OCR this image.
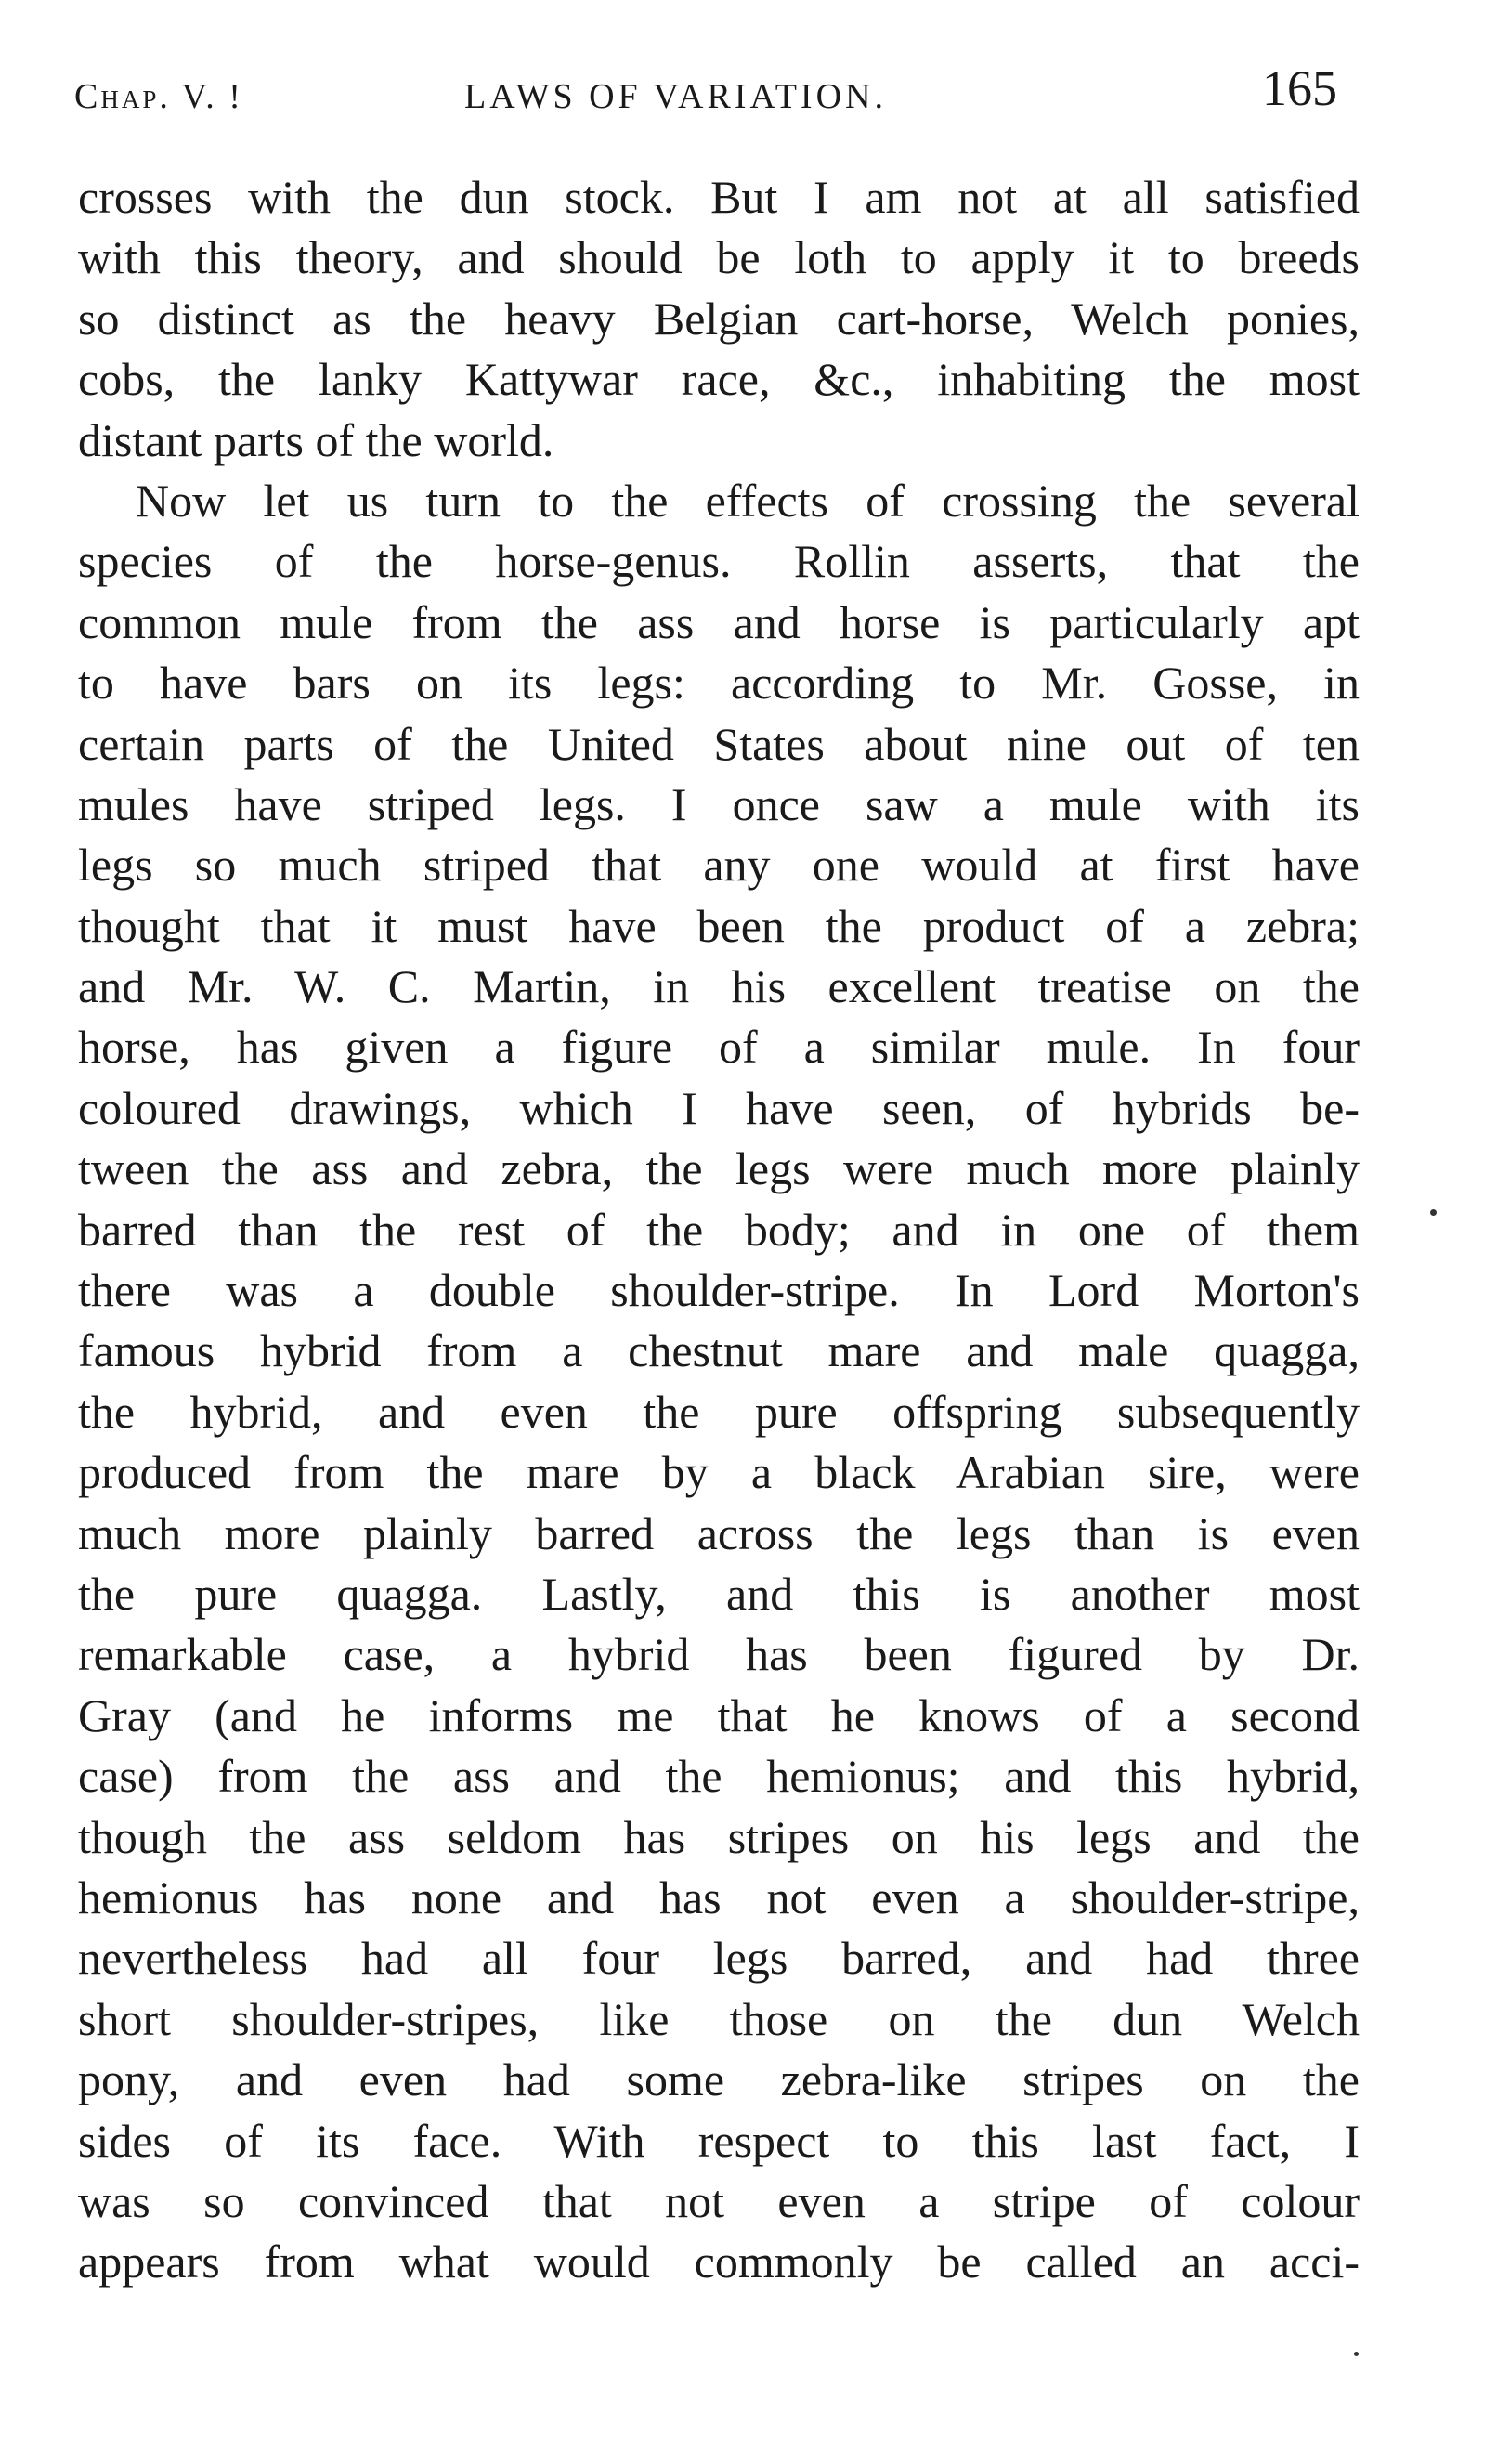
Chap. V. !	LAWS OF VARIATION.	165
crosses with the dun stock. But I am not at all satisfied
with this theory, and should be loth to apply it to breeds
so distinct as the heavy Belgian cart-horse, Welch ponies,
cobs, the lanky Kattywar race, &c., inhabiting the most
distant parts of the world.
Now let us turn to the effects of crossing the several
species of the horse-genus. Rollin asserts, that the
common mule from the ass and horse is particularly apt
to have bars on its legs: according to Mr. Gosse, in
certain parts of the United States about nine out of ten
mules have striped legs. I once saw a mule with its
legs so much striped that any one would at first have
thought that it must have been the product of a zebra;
and Mr. W. C. Martin, in his excellent treatise on the
horse, has given a figure of a similar mule. In four
coloured drawings, which I have seen, of hybrids be-
tween the ass and zebra, the legs were much more plainly
barred than the rest of the body; and in one of them
there was a double shoulder-stripe. In Lord Morton's
famous hybrid from a chestnut mare and male quagga,
the hybrid, and even the pure offspring subsequently
produced from the mare by a black Arabian sire, were
much more plainly barred across the legs than is even
the pure quagga. Lastly, and this is another most
remarkable case, a hybrid has been figured by Dr.
Gray (and he informs me that he knows of a second
case) from the ass and the hemionus; and this hybrid,
though the ass seldom has stripes on his legs and the
hemionus has none and has not even a shoulder-stripe,
nevertheless had all four legs barred, and had three
short shoulder-stripes, like those on the dun Welch
pony, and even had some zebra-like stripes on the
sides of its face. With respect to this last fact, I
was so convinced that not even a stripe of colour
appears from what would commonly be called an acci-
